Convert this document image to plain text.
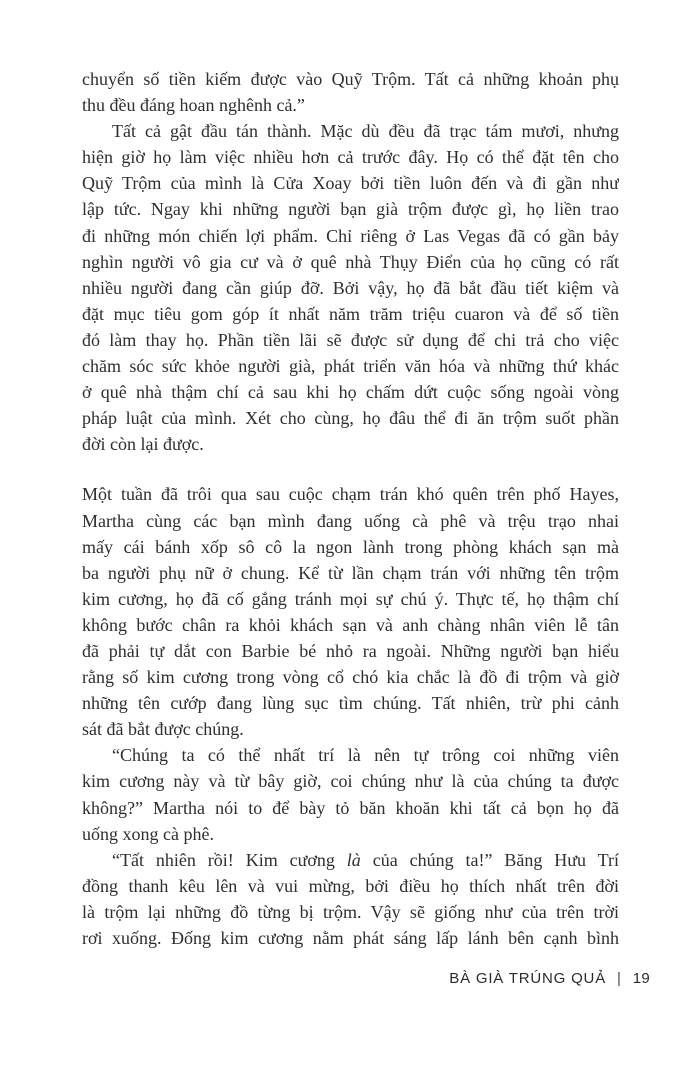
chuyển số tiền kiếm được vào Quỹ Trộm. Tất cả những khoản phụ
thu đều đáng hoan nghênh cả.”
Tất cả gật đầu tán thành. Mặc dù đều đã trạc tám mươi, nhưng
hiện giờ họ làm việc nhiều hơn cả trước đây. Họ có thể đặt tên cho
Quỹ Trộm của mình là Cửa Xoay bởi tiền luôn đến và đi gần như
lập tức. Ngay khi những người bạn già trộm được gì, họ liền trao
đi những món chiến lợi phẩm. Chỉ riêng ở Las Vegas đã có gần bảy
nghìn người vô gia cư và ở quê nhà Thụy Điển của họ cũng có rất
nhiều người đang cần giúp đỡ. Bởi vậy, họ đã bắt đầu tiết kiệm và
đặt mục tiêu gom góp ít nhất năm trăm triệu cuaron và để số tiền
đó làm thay họ. Phần tiền lãi sẽ được sử dụng để chi trả cho việc
chăm sóc sức khỏe người già, phát triển văn hóa và những thứ khác
ở quê nhà thậm chí cả sau khi họ chấm dứt cuộc sống ngoài vòng
pháp luật của mình. Xét cho cùng, họ đâu thể đi ăn trộm suốt phần
đời còn lại được.
Một tuần đã trôi qua sau cuộc chạm trán khó quên trên phố Hayes,
Martha cùng các bạn mình đang uống cà phê và trệu trạo nhai
mấy cái bánh xốp sô cô la ngon lành trong phòng khách sạn mà
ba người phụ nữ ở chung. Kể từ lần chạm trán với những tên trộm
kim cương, họ đã cố gắng tránh mọi sự chú ý. Thực tế, họ thậm chí
không bước chân ra khỏi khách sạn và anh chàng nhân viên lễ tân
đã phải tự dắt con Barbie bé nhỏ ra ngoài. Những người bạn hiểu
rằng số kim cương trong vòng cổ chó kia chắc là đồ đi trộm và giờ
những tên cướp đang lùng sục tìm chúng. Tất nhiên, trừ phi cảnh
sát đã bắt được chúng.
“Chúng ta có thể nhất trí là nên tự trông coi những viên
kim cương này và từ bây giờ, coi chúng như là của chúng ta được
không?” Martha nói to để bày tỏ băn khoăn khi tất cả bọn họ đã
uống xong cà phê.
“Tất nhiên rồi! Kim cương là của chúng ta!” Băng Hưu Trí
đồng thanh kêu lên và vui mừng, bởi điều họ thích nhất trên đời
là trộm lại những đồ từng bị trộm. Vậy sẽ giống như của trên trời
rơi xuống. Đống kim cương nằm phát sáng lấp lánh bên cạnh bình
BÀ GIÀ TRÚNG QUẢ | 19
